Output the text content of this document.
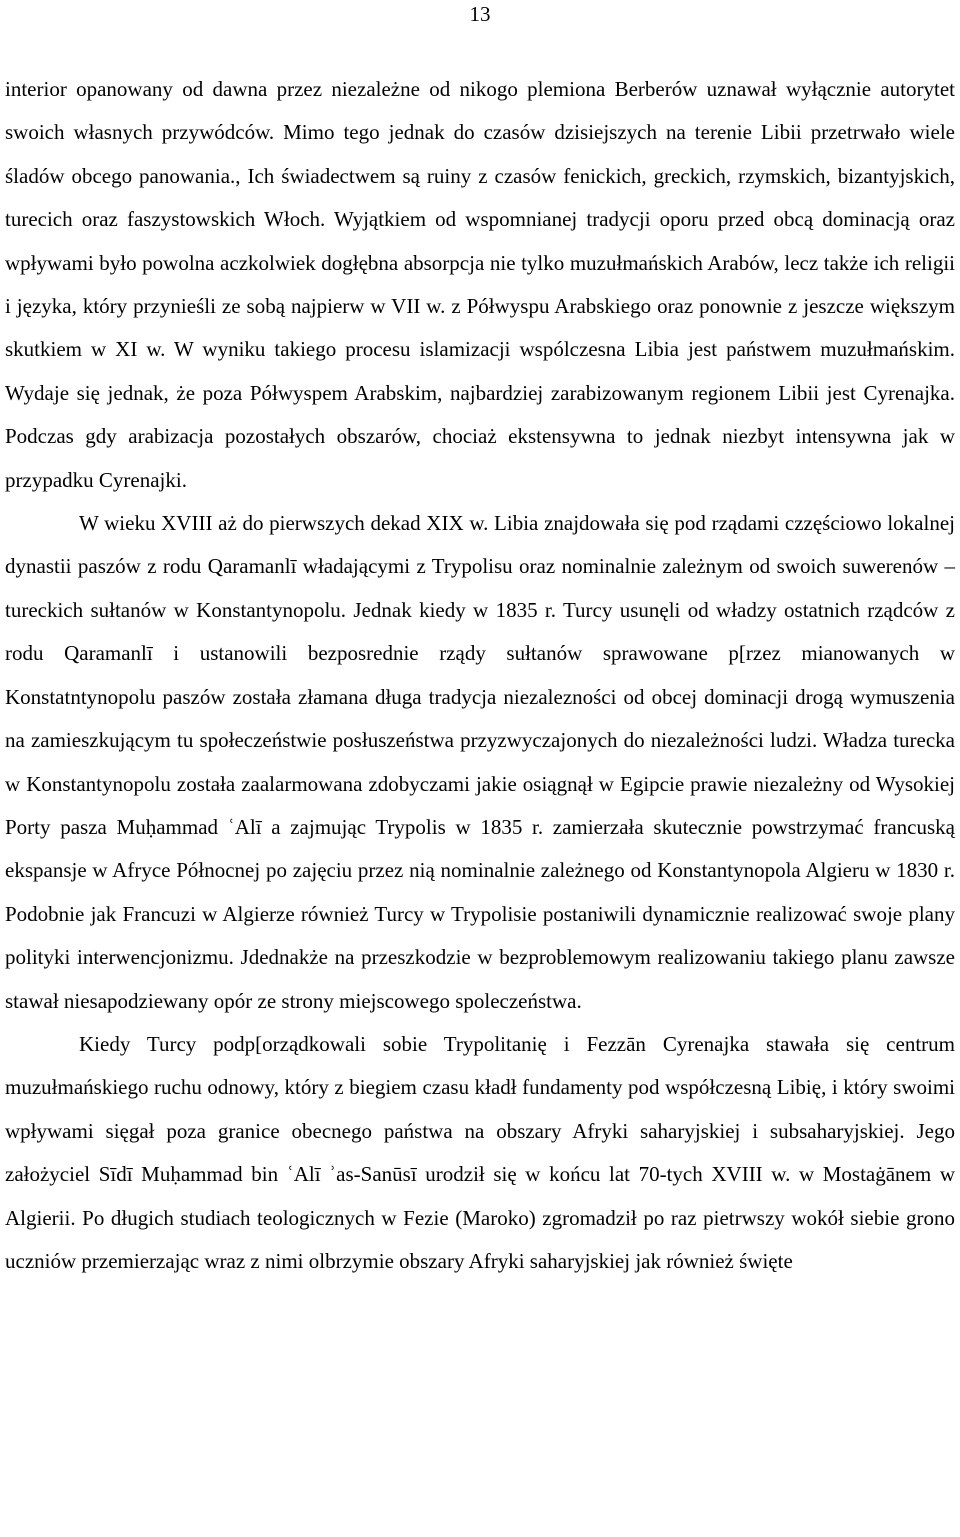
13

interior opanowany od dawna przez niezależne od nikogo plemiona Berberów uznawał wyłącznie autorytet swoich własnych przywódców. Mimo tego jednak do czasów dzisiejszych na terenie Libii przetrwało wiele śladów obcego panowania., Ich świadectwem są ruiny z czasów fenickich, greckich, rzymskich, bizantyjskich, turecich oraz faszystowskich Włoch. Wyjątkiem od wspomnianej tradycji oporu przed obcą dominacją oraz wpływami było powolna aczkolwiek dogłębna absorpcja nie tylko muzułmańskich Arabów, lecz także ich religii i języka, który przynieśli ze sobą najpierw w VII w. z Półwyspu Arabskiego oraz ponownie z jeszcze większym skutkiem w XI w. W wyniku takiego procesu islamizacji wspólczesna Libia jest państwem muzułmańskim. Wydaje się jednak, że poza Półwyspem Arabskim, najbardziej zarabizowanym regionem Libii jest Cyrenajka. Podczas gdy arabizacja pozostałych obszarów, chociaż ekstensywna to jednak niezbyt intensywna jak w przypadku Cyrenajki.

W wieku XVIII aż do pierwszych dekad XIX w. Libia znajdowała się pod rządami czzęściowo lokalnej dynastii paszów z rodu Qaramanlī władającymi z Trypolisu oraz nominalnie zależnym od swoich suwerenów – tureckich sułtanów w Konstantynopolu. Jednak kiedy w 1835 r. Turcy usunęli od władzy ostatnich rządców z rodu Qaramanlī i ustanowili bezposrednie rządy sułtanów sprawowane p[rzez mianowanych w Konstatntynopolu paszów została złamana długa tradycja niezalezności od obcej dominacji drogą wymuszenia na zamieszkującym tu społeczeństwie posłuszeństwa przyzwyczajonych do niezależności ludzi. Władza turecka w Konstantynopolu została zaalarmowana zdobyczami jakie osiągnął w Egipcie prawie niezależny od Wysokiej Porty pasza Muḥammad ʿAlī a zajmując Trypolis w 1835 r. zamierzała skutecznie powstrzymać francuską ekspansje w Afryce Północnej po zajęciu przez nią nominalnie zależnego od Konstantynopola Algieru w 1830 r. Podobnie jak Francuzi w Algierze również Turcy w Trypolisie postaniwili dynamicznie realizować swoje plany polityki interwencjonizmu. Jdednakże na przeszkodzie w bezproblemowym realizowaniu takiego planu zawsze stawał niesapodziewany opór ze strony miejscowego spoleczeństwa.

Kiedy Turcy podp[orządkowali sobie Trypolitanię i Fezzān Cyrenajka stawała się centrum muzułmańskiego ruchu odnowy, który z biegiem czasu kładł fundamenty pod współczesną Libię, i który swoimi wpływami sięgał poza granice obecnego państwa na obszary Afryki saharyjskiej i subsaharyjskiej. Jego założyciel Sīdī Muḥammad bin ʿAlī ʾas-Sanūsī urodził się w końcu lat 70-tych XVIII w. w Mostaġānem w Algierii. Po długich studiach teologicznych w Fezie (Maroko) zgromadził po raz pietrwszy wokół siebie grono uczniów przemierzając wraz z nimi olbrzymie obszary Afryki saharyjskiej jak również święte
